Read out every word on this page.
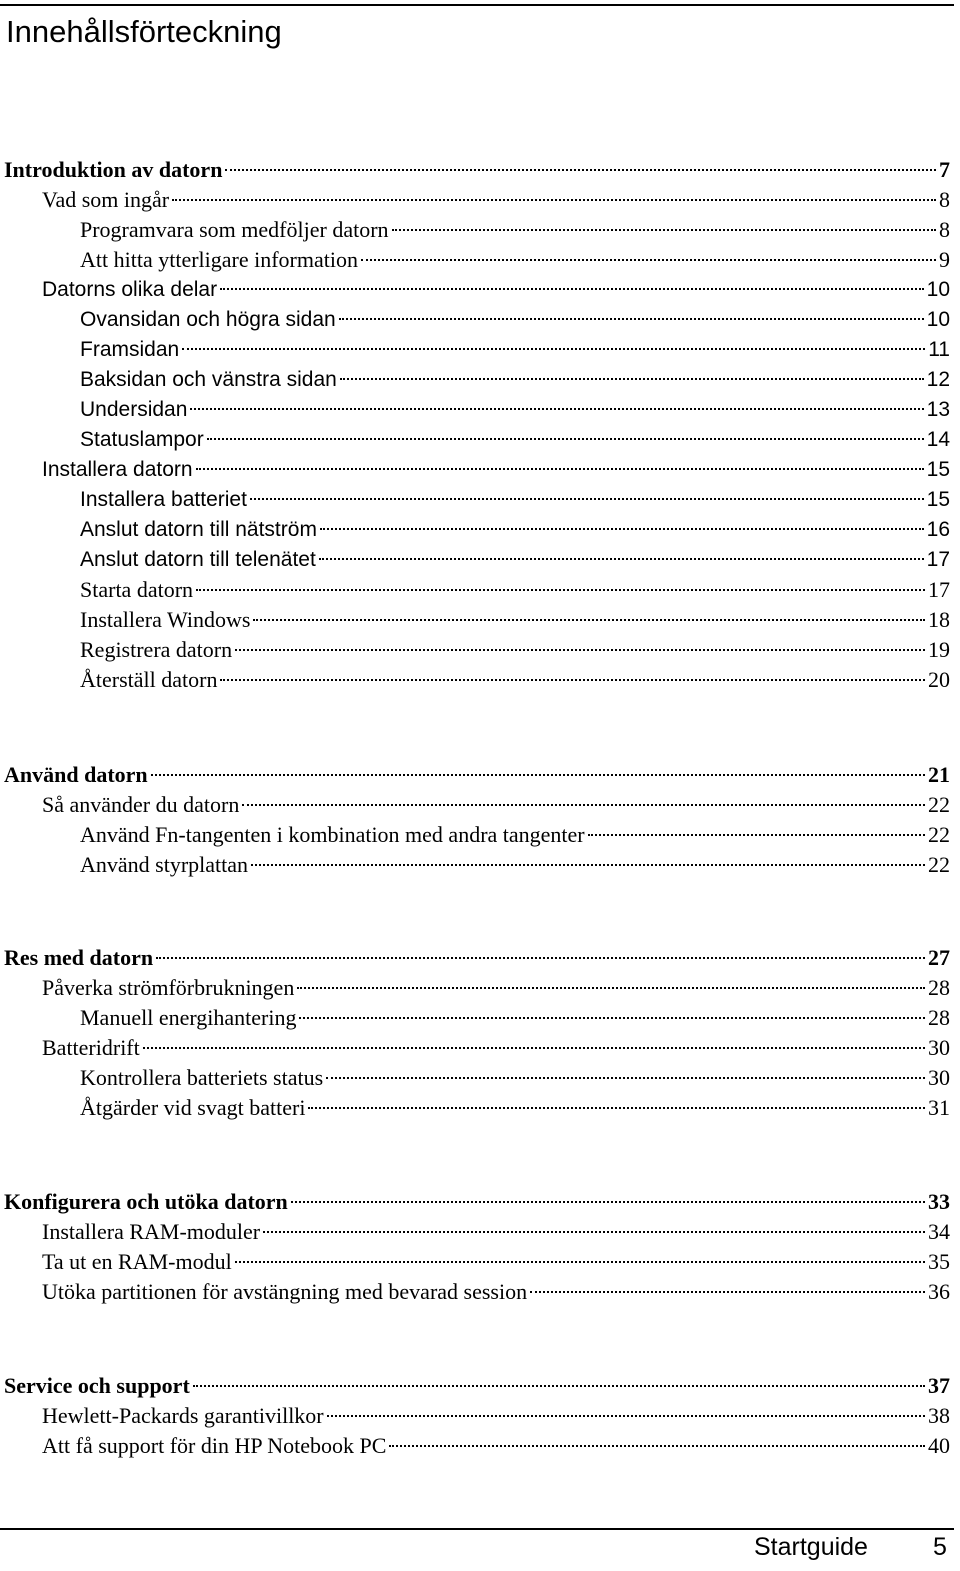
Innehållsförteckning
Introduktion av datorn	7
Vad som ingår	8
Programvara som medföljer datorn	8
Att hitta ytterligare information	9
Datorns olika delar	10
Ovansidan och högra sidan	10
Framsidan	11
Baksidan och vänstra sidan	12
Undersidan	13
Statuslampor	14
Installera datorn	15
Installera batteriet	15
Anslut datorn till nätström	16
Anslut datorn till telenätet	17
Starta datorn	17
Installera Windows	18
Registrera datorn	19
Återställ datorn	20
Använd datorn	21
Så använder du datorn	22
Använd Fn-tangenten i kombination med andra tangenter	22
Använd styrplattan	22
Res med datorn	27
Påverka strömförbrukningen	28
Manuell energihantering	28
Batteridrift	30
Kontrollera batteriets status	30
Åtgärder vid svagt batteri	31
Konfigurera och utöka datorn	33
Installera RAM-moduler	34
Ta ut en RAM-modul	35
Utöka partitionen för avstängning med bevarad session	36
Service och support	37
Hewlett-Packards garantivillkor	38
Att få support för din HP Notebook PC	40
Startguide	5
